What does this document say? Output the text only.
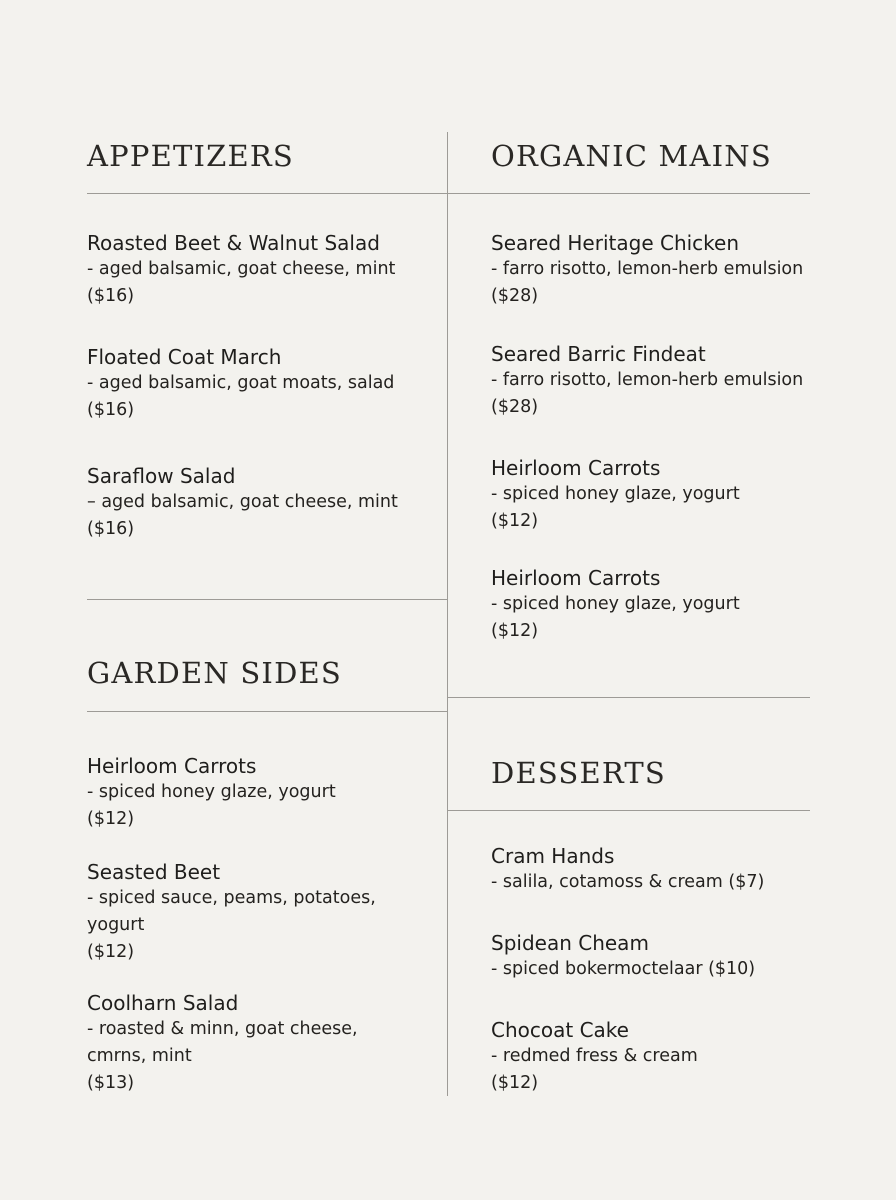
APPETIZERS
Roasted Beet & Walnut Salad
- aged balsamic, goat cheese, mint
($16)
Floated Coat March
- aged balsamic, goat moats, salad
($16)
Saraflow Salad
– aged balsamic, goat cheese, mint
($16)
GARDEN SIDES
Heirloom Carrots
- spiced honey glaze, yogurt
($12)
Seasted Beet
- spiced sauce, peams, potatoes, yogurt
($12)
Coolharn Salad
- roasted & minn, goat cheese, cmrns, mint
($13)
ORGANIC MAINS
Seared Heritage Chicken
- farro risotto, lemon-herb emulsion
($28)
Seared Barric Findeat
- farro risotto, lemon-herb emulsion
($28)
Heirloom Carrots
- spiced honey glaze, yogurt
($12)
Heirloom Carrots
- spiced honey glaze, yogurt
($12)
DESSERTS
Cram Hands
- salila, cotamoss & cream ($7)
Spidean Cheam
- spiced bokermoctelaar ($10)
Chocoat Cake
- redmed fress & cream
($12)
